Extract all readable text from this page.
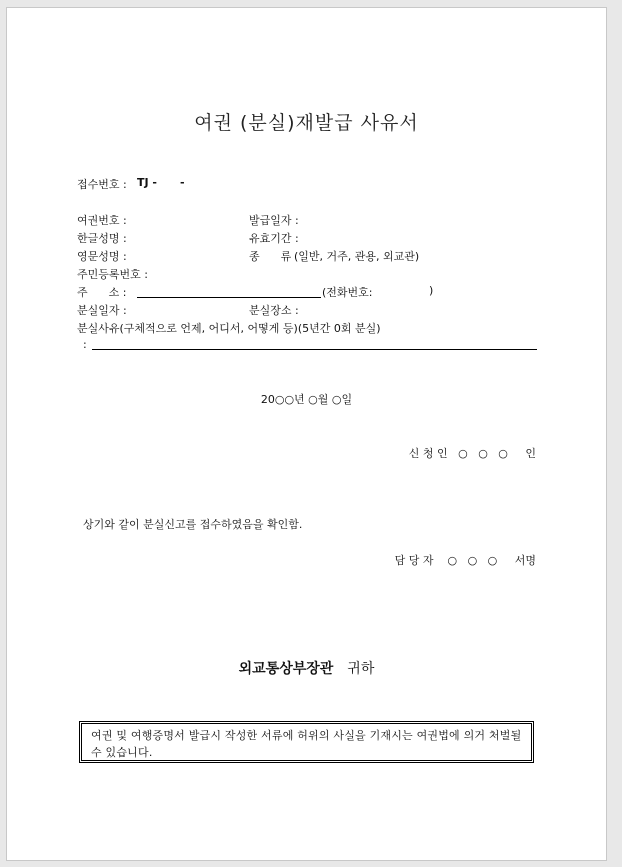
여권 (분실)재발급 사유서
접수번호 : TJ - -
여권번호 :	발급일자 :
한글성명 :	유효기간 :
영문성명 :	종      류 (일반, 거주, 관용, 외교관)
주민등록번호 :
주      소 :	(전화번호:	)
분실일자 :	분실장소 :
분실사유(구체적으로 언제, 어디서, 어떻게 등)(5년간 0회 분실)
:
20○○년 ○월 ○일
신 청 인   ○   ○   ○     인
상기와 같이 분실신고를 접수하였음을 확인함.
담 당 자    ○   ○   ○     서명
외교통상부장관 귀하
여권 및 여행증명서 발급시 작성한 서류에 허위의 사실을 기재시는 여권법에 의거 처벌될수 있습니다.
